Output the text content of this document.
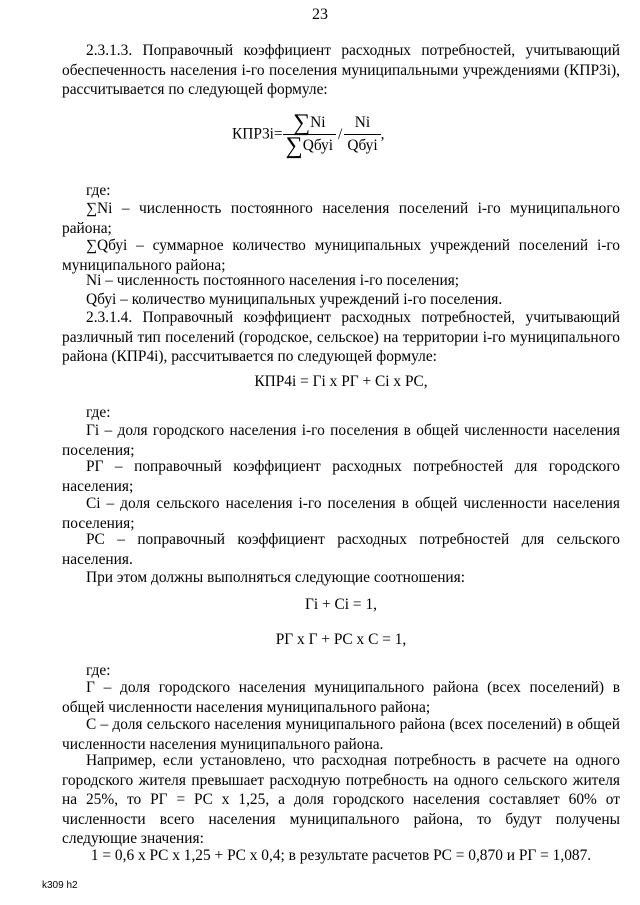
23

2.3.1.3. Поправочный коэффициент расходных потребностей, учитывающий обеспеченность населения i-го поселения муниципальными учреждениями (КПР3i), рассчитывается по следующей формуле:

$КПР3i= \frac{\sum Ni}{\text{∑Qбуi}} / \frac{Ni}{\text{Qбуi}}$ ,

где:

∑Ni – численность постоянного населения поселений i-го муниципального района;

∑Qбуi – суммарное количество муниципальных учреждений поселений i-го муниципального района;

Ni – численность постоянного населения i-го поселения;

Qбуi – количество муниципальных учреждений i-го поселения.

2.3.1.4. Поправочный коэффициент расходных потребностей, учитывающий различный тип поселений (городское, сельское) на территории i-го муниципального района (КПР4i), рассчитывается по следующей формуле:

КПР4i = Гi х РГ + Ci х PC,

где:

Гi – доля городского населения i-го поселения в общей численности населения поселения;

РГ – поправочный коэффициент расходных потребностей для городского населения;

Ci – доля сельского населения i-го поселения в общей численности населения поселения;

PC – поправочный коэффициент расходных потребностей для сельского населения.

При этом должны выполняться следующие соотношения:

Гi + Ci = 1,

РГ х Г + PC х С = 1,

где:

Г – доля городского населения муниципального района (всех поселений) в общей численности населения муниципального района;

С – доля сельского населения муниципального района (всех поселений) в общей численности населения муниципального района.

Например, если установлено, что расходная потребность в расчете на одного городского жителя превышает расходную потребность на одного сельского жителя на 25%, то РГ = PC х 1,25, а доля городского населения составляет 60% от численности всего населения муниципального района, то будут получены следующие значения:

1 = 0,6 х PC х 1,25 + PC х 0,4; в результате расчетов PC = 0,870 и РГ = 1,087.

k309 h2
